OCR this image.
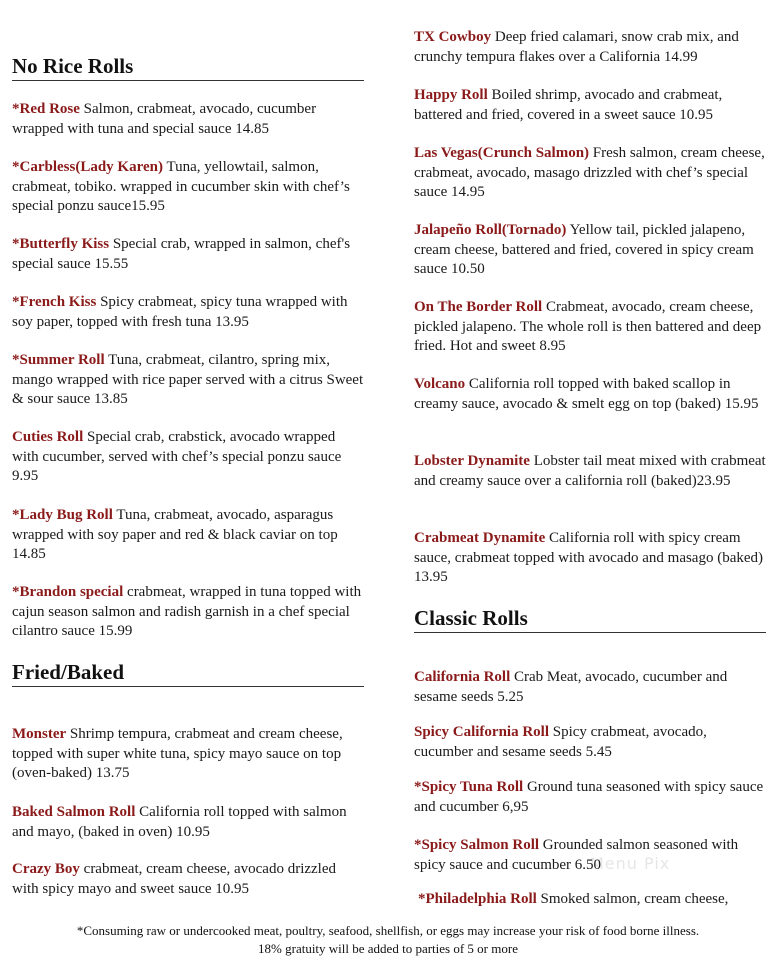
No Rice Rolls
*Red Rose Salmon, crabmeat, avocado, cucumber wrapped with tuna and special sauce 14.85
*Carbless(Lady Karen) Tuna, yellowtail, salmon, crabmeat, tobiko. wrapped in cucumber skin with chef’s special ponzu sauce15.95
*Butterfly Kiss Special crab, wrapped in salmon, chef's special sauce 15.55
*French Kiss Spicy crabmeat, spicy tuna wrapped with soy paper, topped with fresh tuna 13.95
*Summer Roll Tuna, crabmeat, cilantro, spring mix, mango wrapped with rice paper served with a citrus Sweet & sour sauce 13.85
Cuties Roll Special crab, crabstick, avocado wrapped with cucumber, served with chef’s special ponzu sauce 9.95
*Lady Bug Roll Tuna, crabmeat, avocado, asparagus wrapped with soy paper and red & black caviar on top 14.85
*Brandon special crabmeat, wrapped in tuna topped with cajun season salmon and radish garnish in a chef special cilantro sauce 15.99
Fried/Baked
Monster Shrimp tempura, crabmeat and cream cheese, topped with super white tuna, spicy mayo sauce on top (oven-baked) 13.75
Baked Salmon Roll California roll topped with salmon and mayo, (baked in oven) 10.95
Crazy Boy crabmeat, cream cheese, avocado drizzled with spicy mayo and sweet sauce 10.95
TX Cowboy Deep fried calamari, snow crab mix, and crunchy tempura flakes over a California 14.99
Happy Roll Boiled shrimp, avocado and crabmeat, battered and fried, covered in a sweet sauce 10.95
Las Vegas(Crunch Salmon) Fresh salmon, cream cheese, crabmeat, avocado, masago drizzled with chef’s special sauce 14.95
Jalapeño Roll(Tornado) Yellow tail, pickled jalapeno, cream cheese, battered and fried, covered in spicy cream sauce 10.50
On The Border Roll Crabmeat, avocado, cream cheese, pickled jalapeno. The whole roll is then battered and deep fried. Hot and sweet 8.95
Volcano California roll topped with baked scallop in creamy sauce, avocado & smelt egg on top (baked) 15.95
Lobster Dynamite Lobster tail meat mixed with crabmeat and creamy sauce over a california roll (baked)23.95
Crabmeat Dynamite California roll with spicy cream sauce, crabmeat topped with avocado and masago (baked) 13.95
Classic Rolls
California Roll Crab Meat, avocado, cucumber and sesame seeds 5.25
Spicy California Roll Spicy crabmeat, avocado, cucumber and sesame seeds 5.45
*Spicy Tuna Roll Ground tuna seasoned with spicy sauce and cucumber 6,95
*Spicy Salmon Roll Grounded salmon seasoned with spicy sauce and cucumber 6.50
*Philadelphia Roll Smoked salmon, cream cheese,
Menu Pix
*Consuming raw or undercooked meat, poultry, seafood, shellfish, or eggs may increase your risk of food borne illness.
18% gratuity will be added to parties of 5 or more
